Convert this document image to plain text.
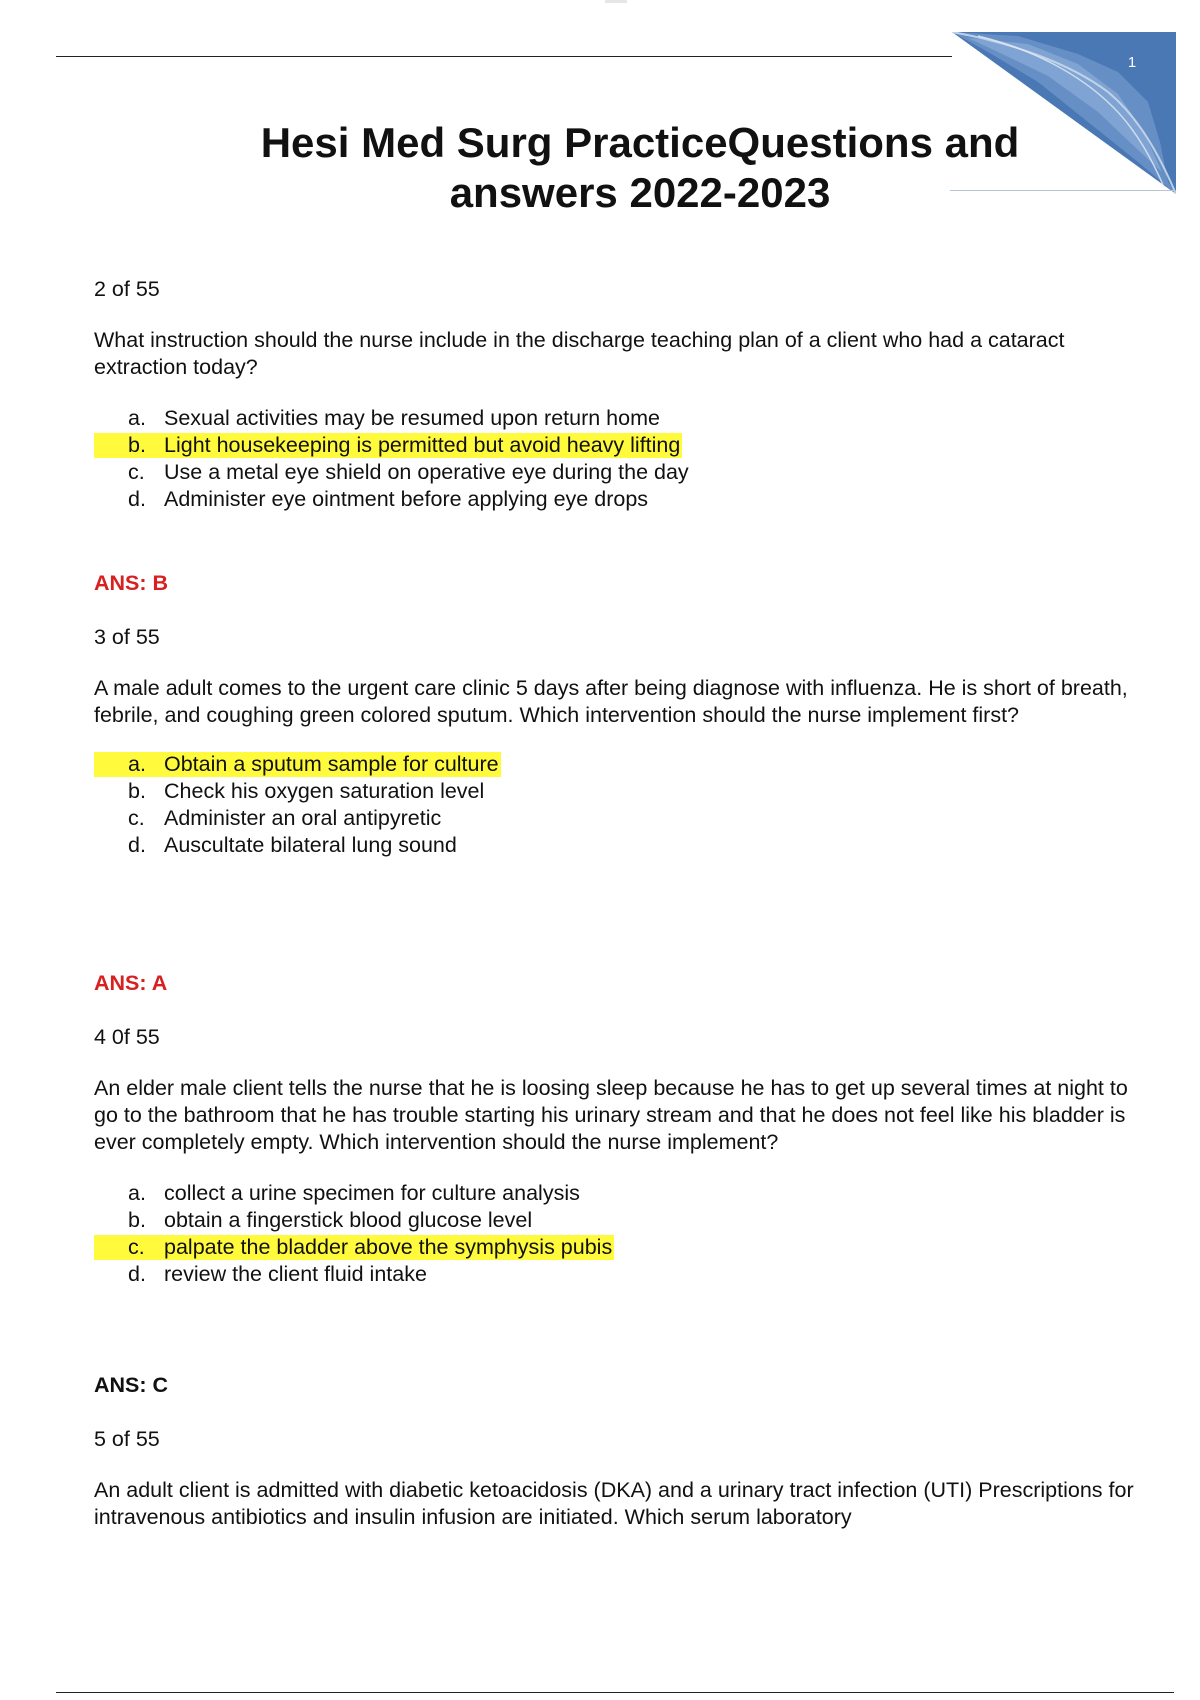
1
Hesi Med Surg PracticeQuestions and
answers 2022-2023
2 of 55
What instruction should the nurse include in the discharge teaching plan of a client who had a cataract extraction today?
a. Sexual activities may be resumed upon return home
b. Light housekeeping is permitted but avoid heavy lifting
c. Use a metal eye shield on operative eye during the day
d. Administer eye ointment before applying eye drops
ANS: B
3 of 55
A male adult comes to the urgent care clinic 5 days after being diagnose with influenza. He is short of breath, febrile, and coughing green colored sputum. Which intervention should the nurse implement first?
a. Obtain a sputum sample for culture
b. Check his oxygen saturation level
c. Administer an oral antipyretic
d. Auscultate bilateral lung sound
ANS: A
4 0f 55
An elder male client tells the nurse that he is loosing sleep because he has to get up several times at night to go to the bathroom that he has trouble starting his urinary stream and that he does not feel like his bladder is ever completely empty. Which intervention should the nurse implement?
a. collect a urine specimen for culture analysis
b. obtain a fingerstick blood glucose level
c. palpate the bladder above the symphysis pubis
d. review the client fluid intake
ANS: C
5 of 55
An adult client is admitted with diabetic ketoacidosis (DKA) and a urinary tract infection (UTI) Prescriptions for intravenous antibiotics and insulin infusion are initiated. Which serum laboratory
